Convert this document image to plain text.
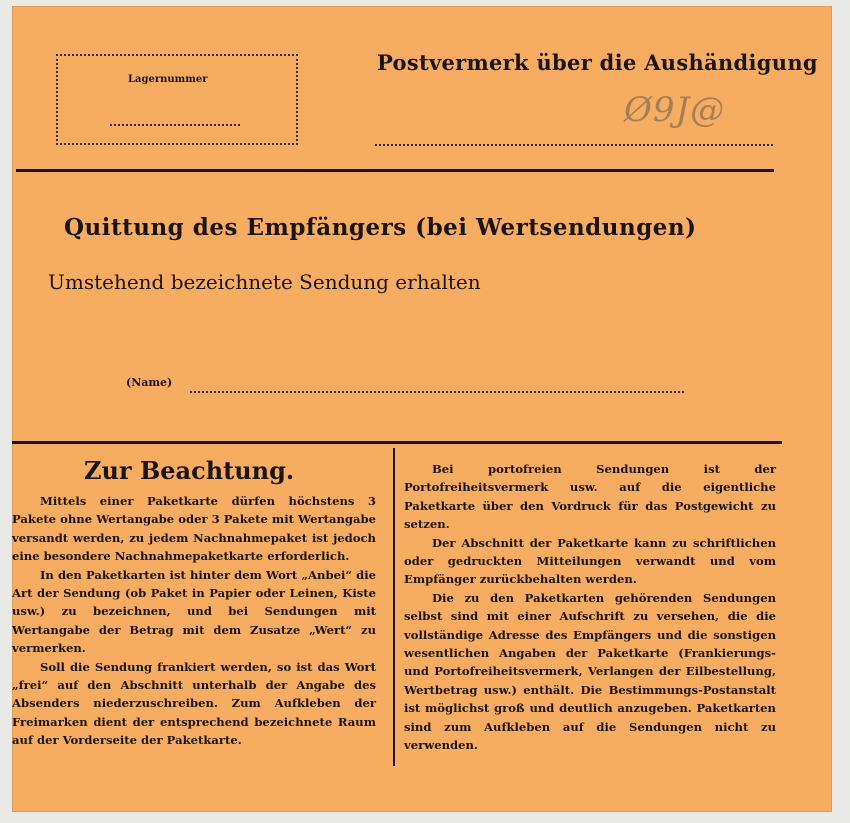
Lagernummer
Postvermerk über die Aushändigung
Ø9J@
Quittung des Empfängers (bei Wertsendungen)
Umstehend bezeichnete Sendung erhalten
(Name)
Zur Beachtung.

Mittels einer Paketkarte dürfen höchstens 3 Pakete ohne Wertangabe oder 3 Pakete mit Wertangabe versandt werden, zu jedem Nachnahmepaket ist jedoch eine besondere Nachnahmepaketkarte erforderlich.

In den Paketkarten ist hinter dem Wort „Anbei“ die Art der Sendung (ob Paket in Papier oder Leinen, Kiste usw.) zu bezeichnen, und bei Sendungen mit Wertangabe der Betrag mit dem Zusatze „Wert“ zu vermerken.

Soll die Sendung frankiert werden, so ist das Wort „frei“ auf den Abschnitt unterhalb der Angabe des Absenders niederzuschreiben. Zum Aufkleben der Freimarken dient der entsprechend bezeichnete Raum auf der Vorderseite der Paketkarte.

Bei portofreien Sendungen ist der Portofreiheitsvermerk usw. auf die eigentliche Paketkarte über den Vordruck für das Postgewicht zu setzen.

Der Abschnitt der Paketkarte kann zu schriftlichen oder gedruckten Mitteilungen verwandt und vom Empfänger zurückbehalten werden.

Die zu den Paketkarten gehörenden Sendungen selbst sind mit einer Aufschrift zu versehen, die die vollständige Adresse des Empfängers und die sonstigen wesentlichen Angaben der Paketkarte (Frankierungs- und Portofreiheitsvermerk, Verlangen der Eilbestellung, Wertbetrag usw.) enthält. Die Bestimmungs-Postanstalt ist möglichst groß und deutlich anzugeben. Paketkarten sind zum Aufkleben auf die Sendungen nicht zu verwenden.
